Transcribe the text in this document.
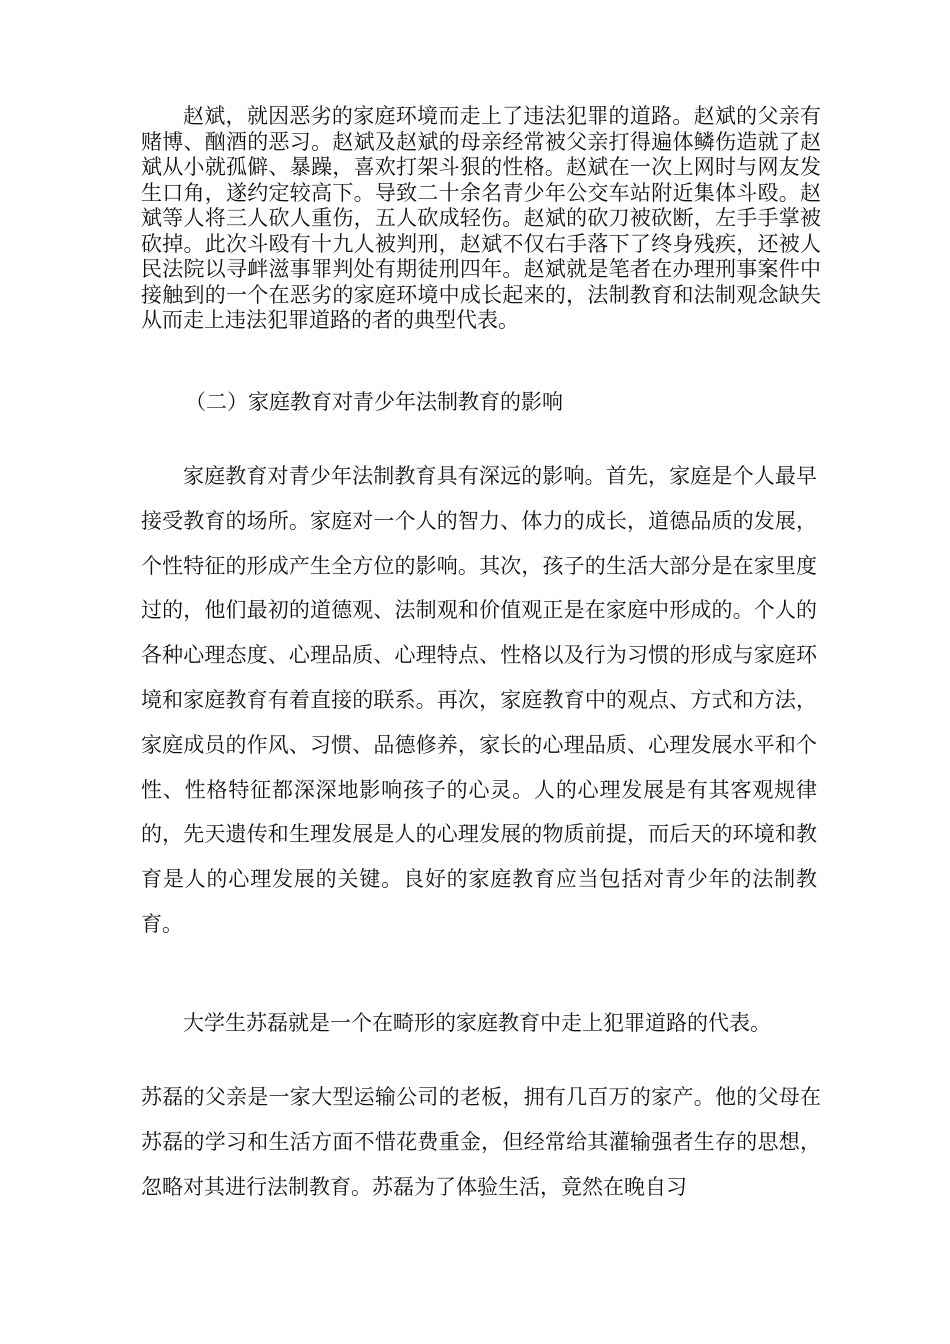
赵斌，就因恶劣的家庭环境而走上了违法犯罪的道路。赵斌的父亲有赌博、酗酒的恶习。赵斌及赵斌的母亲经常被父亲打得遍体鳞伤造就了赵斌从小就孤僻、暴躁，喜欢打架斗狠的性格。赵斌在一次上网时与网友发生口角，遂约定较高下。导致二十余名青少年公交车站附近集体斗殴。赵斌等人将三人砍人重伤，五人砍成轻伤。赵斌的砍刀被砍断，左手手掌被砍掉。此次斗殴有十九人被判刑，赵斌不仅右手落下了终身残疾，还被人民法院以寻衅滋事罪判处有期徒刑四年。赵斌就是笔者在办理刑事案件中接触到的一个在恶劣的家庭环境中成长起来的，法制教育和法制观念缺失从而走上违法犯罪道路的者的典型代表。

（二）家庭教育对青少年法制教育的影响

家庭教育对青少年法制教育具有深远的影响。首先，家庭是个人最早接受教育的场所。家庭对一个人的智力、体力的成长，道德品质的发展，个性特征的形成产生全方位的影响。其次，孩子的生活大部分是在家里度过的，他们最初的道德观、法制观和价值观正是在家庭中形成的。个人的各种心理态度、心理品质、心理特点、性格以及行为习惯的形成与家庭环境和家庭教育有着直接的联系。再次，家庭教育中的观点、方式和方法，家庭成员的作风、习惯、品德修养，家长的心理品质、心理发展水平和个性、性格特征都深深地影响孩子的心灵。人的心理发展是有其客观规律的，先天遗传和生理发展是人的心理发展的物质前提，而后天的环境和教育是人的心理发展的关键。良好的家庭教育应当包括对青少年的法制教育。

大学生苏磊就是一个在畸形的家庭教育中走上犯罪道路的代表。

苏磊的父亲是一家大型运输公司的老板，拥有几百万的家产。他的父母在苏磊的学习和生活方面不惜花费重金，但经常给其灌输强者生存的思想，忽略对其进行法制教育。苏磊为了体验生活，竟然在晚自习
